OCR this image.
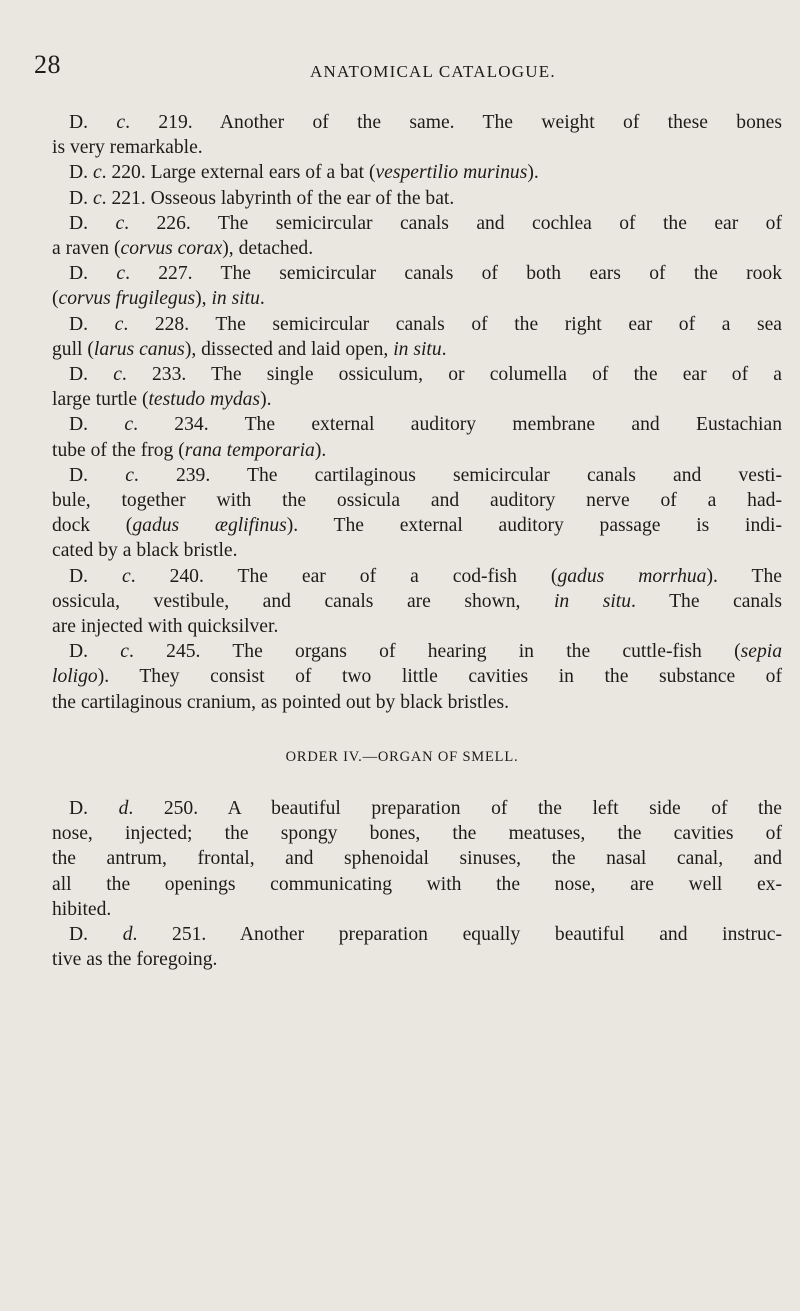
28	ANATOMICAL CATALOGUE.
D. c. 219. Another of the same. The weight of these bones
is very remarkable.
D. c. 220. Large external ears of a bat (vespertilio murinus).
D. c. 221. Osseous labyrinth of the ear of the bat.
D. c. 226. The semicircular canals and cochlea of the ear of
a raven (corvus corax), detached.
D. c. 227. The semicircular canals of both ears of the rook
(corvus frugilegus), in situ.
D. c. 228. The semicircular canals of the right ear of a sea
gull (larus canus), dissected and laid open, in situ.
D. c. 233. The single ossiculum, or columella of the ear of a
large turtle (testudo mydas).
D. c. 234. The external auditory membrane and Eustachian
tube of the frog (rana temporaria).
D. c. 239. The cartilaginous semicircular canals and vesti-
bule, together with the ossicula and auditory nerve of a had-
dock (gadus æglifinus). The external auditory passage is indi-
cated by a black bristle.
D. c. 240. The ear of a cod-fish (gadus morrhua). The
ossicula, vestibule, and canals are shown, in situ. The canals
are injected with quicksilver.
D. c. 245. The organs of hearing in the cuttle-fish (sepia
loligo). They consist of two little cavities in the substance of
the cartilaginous cranium, as pointed out by black bristles.
ORDER IV.—ORGAN OF SMELL.
D. d. 250. A beautiful preparation of the left side of the
nose, injected; the spongy bones, the meatuses, the cavities of
the antrum, frontal, and sphenoidal sinuses, the nasal canal, and
all the openings communicating with the nose, are well ex-
hibited.
D. d. 251. Another preparation equally beautiful and instruc-
tive as the foregoing.
